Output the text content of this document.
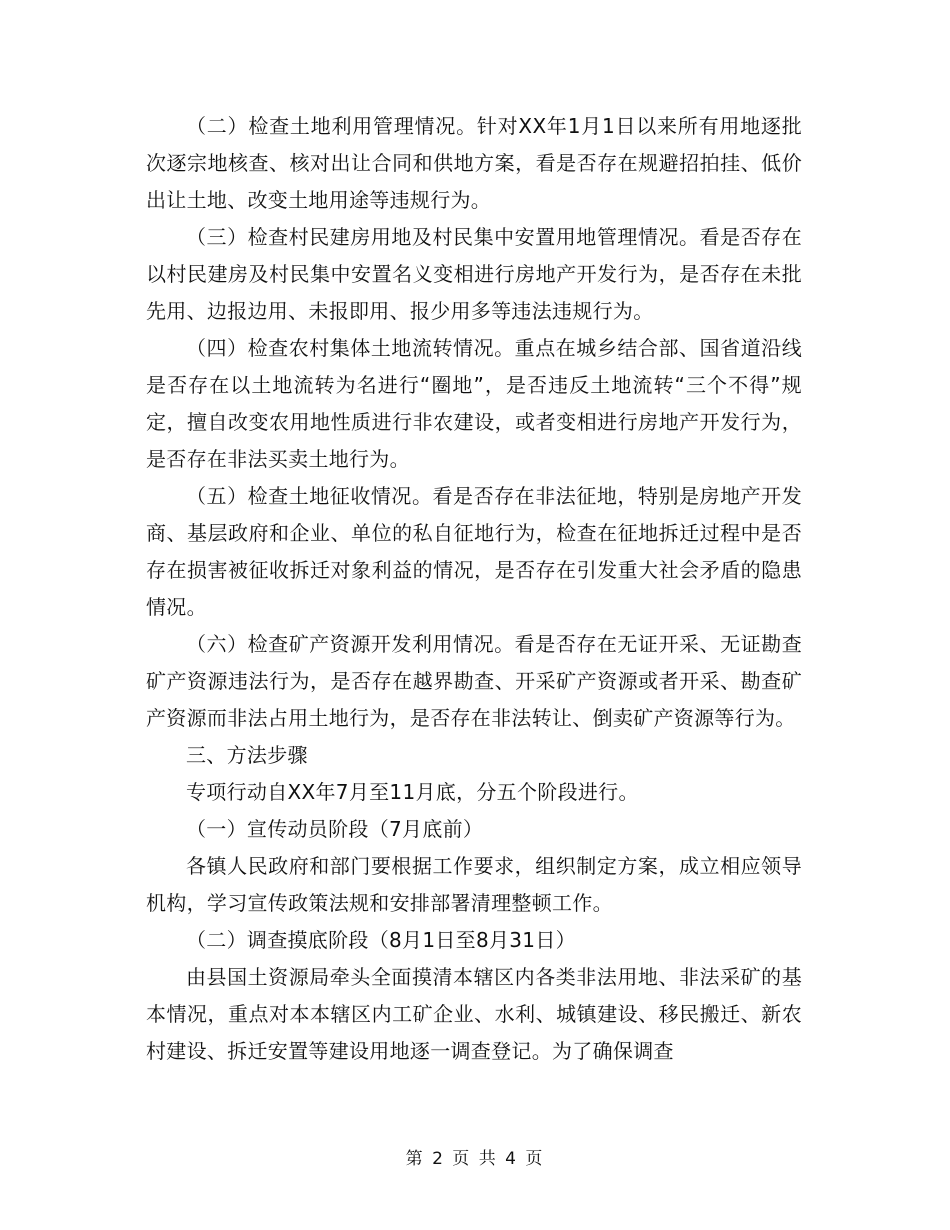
（二）检查土地利用管理情况。针对XX年1月1日以来所有用地逐批次逐宗地核查、核对出让合同和供地方案，看是否存在规避招拍挂、低价出让土地、改变土地用途等违规行为。

（三）检查村民建房用地及村民集中安置用地管理情况。看是否存在以村民建房及村民集中安置名义变相进行房地产开发行为，是否存在未批先用、边报边用、未报即用、报少用多等违法违规行为。

（四）检查农村集体土地流转情况。重点在城乡结合部、国省道沿线是否存在以土地流转为名进行“圈地”，是否违反土地流转“三个不得”规定，擅自改变农用地性质进行非农建设，或者变相进行房地产开发行为，是否存在非法买卖土地行为。

（五）检查土地征收情况。看是否存在非法征地，特别是房地产开发商、基层政府和企业、单位的私自征地行为，检查在征地拆迁过程中是否存在损害被征收拆迁对象利益的情况，是否存在引发重大社会矛盾的隐患情况。

（六）检查矿产资源开发利用情况。看是否存在无证开采、无证勘查矿产资源违法行为，是否存在越界勘查、开采矿产资源或者开采、勘查矿产资源而非法占用土地行为，是否存在非法转让、倒卖矿产资源等行为。

三、方法步骤

专项行动自XX年7月至11月底，分五个阶段进行。

（一）宣传动员阶段（7月底前）

各镇人民政府和部门要根据工作要求，组织制定方案，成立相应领导机构，学习宣传政策法规和安排部署清理整顿工作。

（二）调查摸底阶段（8月1日至8月31日）

由县国土资源局牵头全面摸清本辖区内各类非法用地、非法采矿的基本情况，重点对本本辖区内工矿企业、水利、城镇建设、移民搬迁、新农村建设、拆迁安置等建设用地逐一调查登记。为了确保调查

第 2 页 共 4 页
